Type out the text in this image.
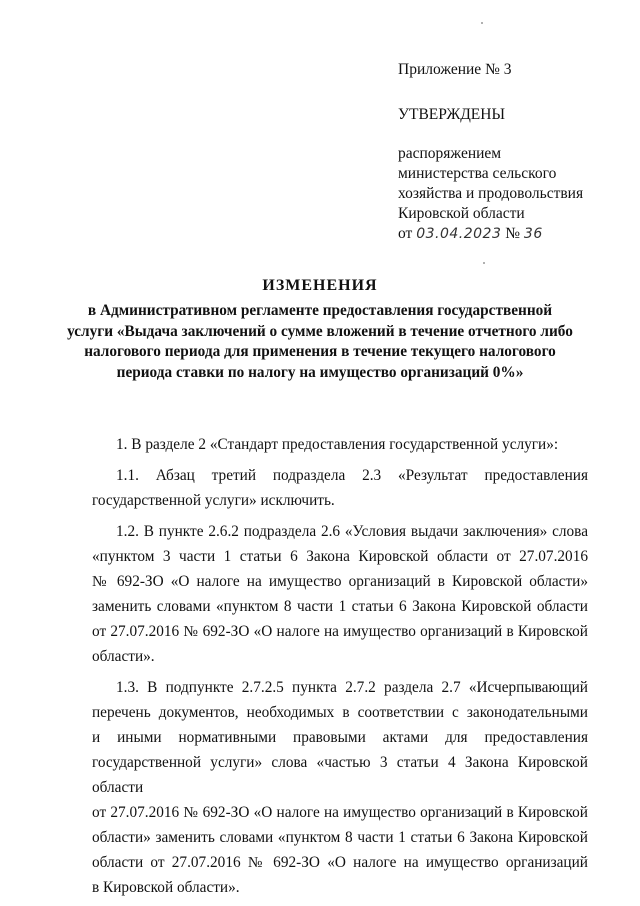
Приложение № 3
УТВЕРЖДЕНЫ
распоряжением
министерства сельского
хозяйства и продовольствия
Кировской области
от 03.04.2023 № 36
ИЗМЕНЕНИЯ
в Административном регламенте предоставления государственной
услуги «Выдача заключений о сумме вложений в течение отчетного либо
налогового периода для применения в течение текущего налогового
периода ставки по налогу на имущество организаций 0%»

1. В разделе 2 «Стандарт предоставления государственной услуги»:

1.1. Абзац третий подраздела 2.3 «Результат предоставления
государственной услуги» исключить.

1.2. В пункте 2.6.2 подраздела 2.6 «Условия выдачи заключения» слова
«пунктом 3 части 1 статьи 6 Закона Кировской области от 27.07.2016
№ 692-ЗО «О налоге на имущество организаций в Кировской области»
заменить словами «пунктом 8 части 1 статьи 6 Закона Кировской области
от 27.07.2016 № 692-ЗО «О налоге на имущество организаций в Кировской
области».

1.3. В подпункте 2.7.2.5 пункта 2.7.2 раздела 2.7 «Исчерпывающий
перечень документов, необходимых в соответствии с законодательными
и иными нормативными правовыми актами для предоставления
государственной услуги» слова «частью 3 статьи 4 Закона Кировской области
от 27.07.2016 № 692-ЗО «О налоге на имущество организаций в Кировской
области» заменить словами «пунктом 8 части 1 статьи 6 Закона Кировской
области от 27.07.2016 № 692-ЗО «О налоге на имущество организаций
в Кировской области».
